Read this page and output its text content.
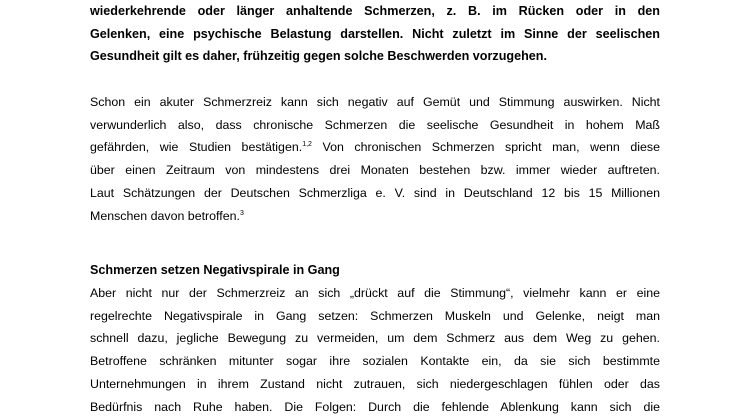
wiederkehrende oder länger anhaltende Schmerzen, z. B. im Rücken oder in den
Gelenken, eine psychische Belastung darstellen. Nicht zuletzt im Sinne der seelischen
Gesundheit gilt es daher, frühzeitig gegen solche Beschwerden vorzugehen.

Schon ein akuter Schmerzreiz kann sich negativ auf Gemüt und Stimmung auswirken. Nicht
verwunderlich also, dass chronische Schmerzen die seelische Gesundheit in hohem Maß
gefährden, wie Studien bestätigen.$^{1,2}$ Von chronischen Schmerzen spricht man, wenn diese
über einen Zeitraum von mindestens drei Monaten bestehen bzw. immer wieder auftreten.
Laut Schätzungen der Deutschen Schmerzliga e. V. sind in Deutschland 12 bis 15 Millionen
Menschen davon betroffen.$^3$

Schmerzen setzen Negativspirale in Gang

Aber nicht nur der Schmerzreiz an sich „drückt auf die Stimmung“, vielmehr kann er eine
regelrechte Negativspirale in Gang setzen: Schmerzen Muskeln und Gelenke, neigt man
schnell dazu, jegliche Bewegung zu vermeiden, um dem Schmerz aus dem Weg zu gehen.
Betroffene schränken mitunter sogar ihre sozialen Kontakte ein, da sie sich bestimmte
Unternehmungen in ihrem Zustand nicht zutrauen, sich niedergeschlagen fühlen oder das
Bedürfnis nach Ruhe haben. Die Folgen: Durch die fehlende Ablenkung kann sich die
